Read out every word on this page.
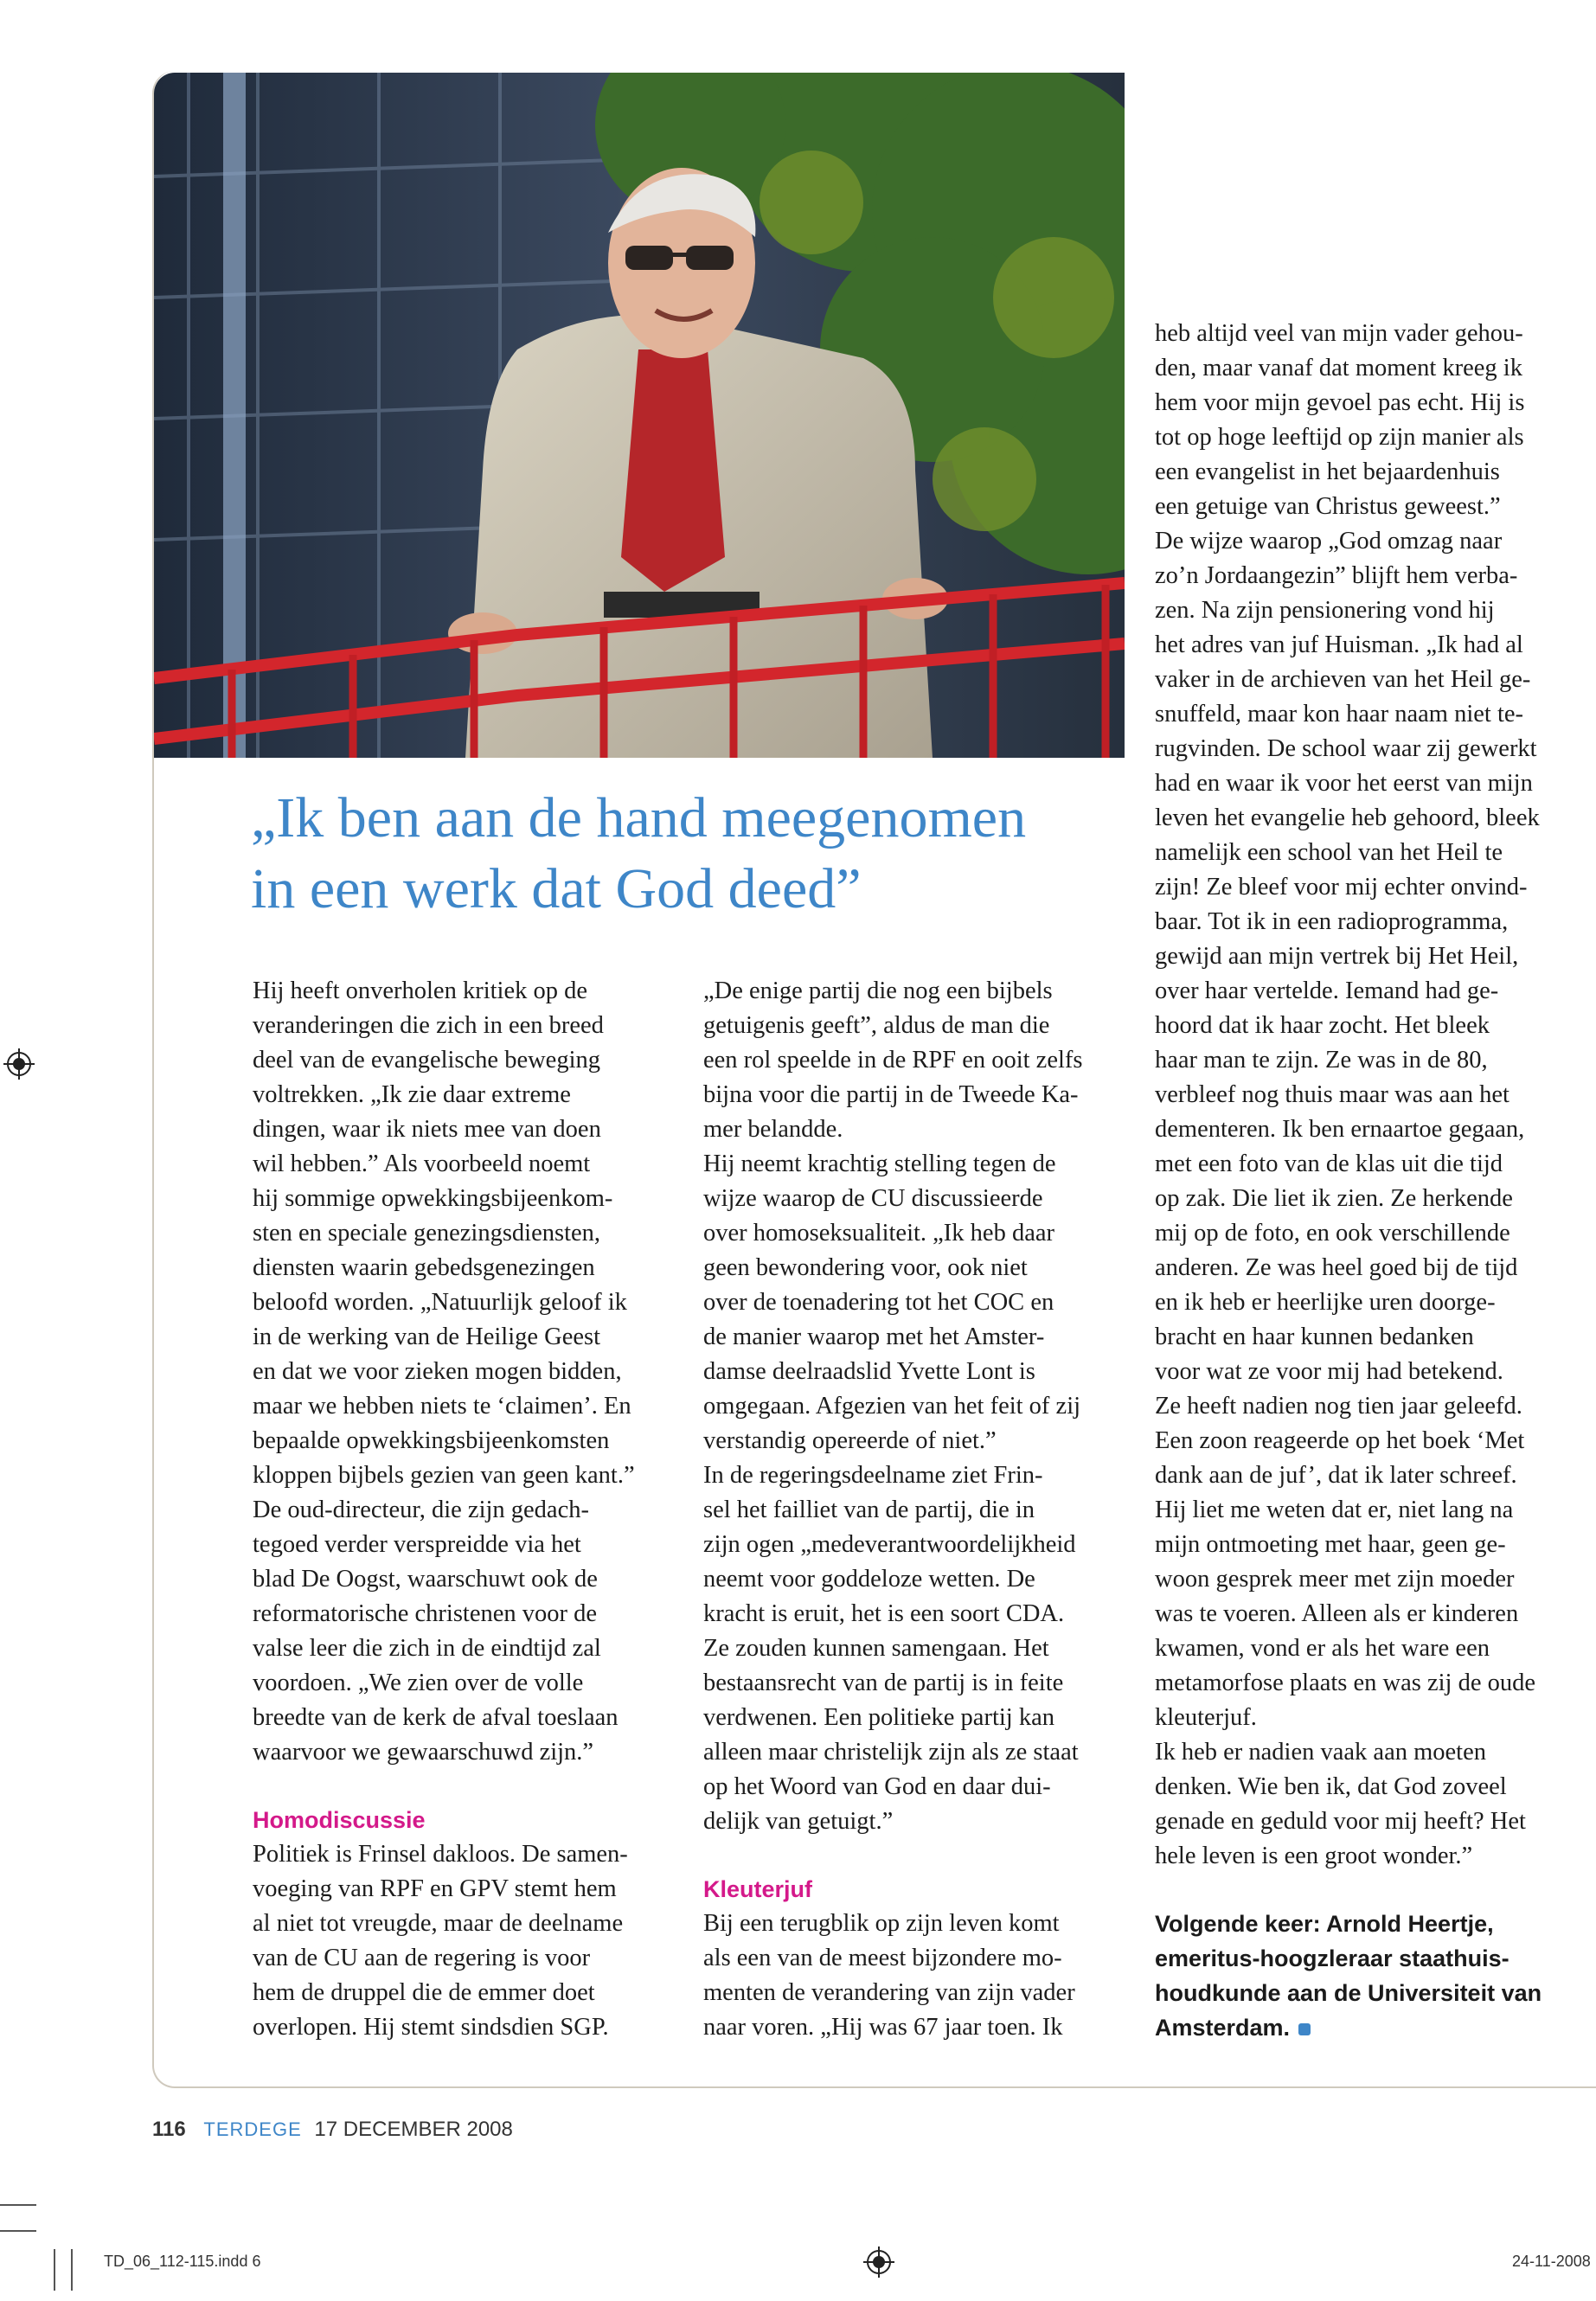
„Ik ben aan de hand meegenomen
in een werk dat God deed”
Hij heeft onverholen kritiek op de
veranderingen die zich in een breed
deel van de evangelische beweging
voltrekken. „Ik zie daar extreme
dingen, waar ik niets mee van doen
wil hebben.” Als voorbeeld noemt
hij sommige opwekkingsbijeenkom-
sten en speciale genezingsdiensten,
diensten waarin gebedsgenezingen
beloofd worden. „Natuurlijk geloof ik
in de werking van de Heilige Geest
en dat we voor zieken mogen bidden,
maar we hebben niets te ‘claimen’. En
bepaalde opwekkingsbijeenkomsten
kloppen bijbels gezien van geen kant.”
De oud-directeur, die zijn gedach-
tegoed verder verspreidde via het
blad De Oogst, waarschuwt ook de
reformatorische christenen voor de
valse leer die zich in de eindtijd zal
voordoen. „We zien over de volle
breedte van de kerk de afval toeslaan
waarvoor we gewaarschuwd zijn.”
Homodiscussie
Politiek is Frinsel dakloos. De samen-
voeging van RPF en GPV stemt hem
al niet tot vreugde, maar de deelname
van de CU aan de regering is voor
hem de druppel die de emmer doet
overlopen. Hij stemt sindsdien SGP.
„De enige partij die nog een bijbels
getuigenis geeft”, aldus de man die
een rol speelde in de RPF en ooit zelfs
bijna voor die partij in de Tweede Ka-
mer belandde.
Hij neemt krachtig stelling tegen de
wijze waarop de CU discussieerde
over homoseksualiteit. „Ik heb daar
geen bewondering voor, ook niet
over de toenadering tot het COC en
de manier waarop met het Amster-
damse deelraadslid Yvette Lont is
omgegaan. Afgezien van het feit of zij
verstandig opereerde of niet.”
In de regeringsdeelname ziet Frin-
sel het failliet van de partij, die in
zijn ogen „medeverantwoordelijkheid
neemt voor goddeloze wetten. De
kracht is eruit, het is een soort CDA.
Ze zouden kunnen samengaan. Het
bestaansrecht van de partij is in feite
verdwenen. Een politieke partij kan
alleen maar christelijk zijn als ze staat
op het Woord van God en daar dui-
delijk van getuigt.”
Kleuterjuf
Bij een terugblik op zijn leven komt
als een van de meest bijzondere mo-
menten de verandering van zijn vader
naar voren. „Hij was 67 jaar toen. Ik
heb altijd veel van mijn vader gehou-
den, maar vanaf dat moment kreeg ik
hem voor mijn gevoel pas echt. Hij is
tot op hoge leeftijd op zijn manier als
een evangelist in het bejaardenhuis
een getuige van Christus geweest.”
De wijze waarop „God omzag naar
zo’n Jordaangezin” blijft hem verba-
zen. Na zijn pensionering vond hij
het adres van juf Huisman. „Ik had al
vaker in de archieven van het Heil ge-
snuffeld, maar kon haar naam niet te-
rugvinden. De school waar zij gewerkt
had en waar ik voor het eerst van mijn
leven het evangelie heb gehoord, bleek
namelijk een school van het Heil te
zijn! Ze bleef voor mij echter onvind-
baar. Tot ik in een radioprogramma,
gewijd aan mijn vertrek bij Het Heil,
over haar vertelde. Iemand had ge-
hoord dat ik haar zocht. Het bleek
haar man te zijn. Ze was in de 80,
verbleef nog thuis maar was aan het
dementeren. Ik ben ernaartoe gegaan,
met een foto van de klas uit die tijd
op zak. Die liet ik zien. Ze herkende
mij op de foto, en ook verschillende
anderen. Ze was heel goed bij de tijd
en ik heb er heerlijke uren doorge-
bracht en haar kunnen bedanken
voor wat ze voor mij had betekend.
Ze heeft nadien nog tien jaar geleefd.
Een zoon reageerde op het boek ‘Met
dank aan de juf’, dat ik later schreef.
Hij liet me weten dat er, niet lang na
mijn ontmoeting met haar, geen ge-
woon gesprek meer met zijn moeder
was te voeren. Alleen als er kinderen
kwamen, vond er als het ware een
metamorfose plaats en was zij de oude
kleuterjuf.
Ik heb er nadien vaak aan moeten
denken. Wie ben ik, dat God zoveel
genade en geduld voor mij heeft? Het
hele leven is een groot wonder.”
Volgende keer: Arnold Heertje,
emeritus-hoogzleraar staathuis-
houdkunde aan de Universiteit van
Amsterdam.
116 TERDEGE 17 DECEMBER 2008
TD_06_112-115.indd 6	24-11-2008
